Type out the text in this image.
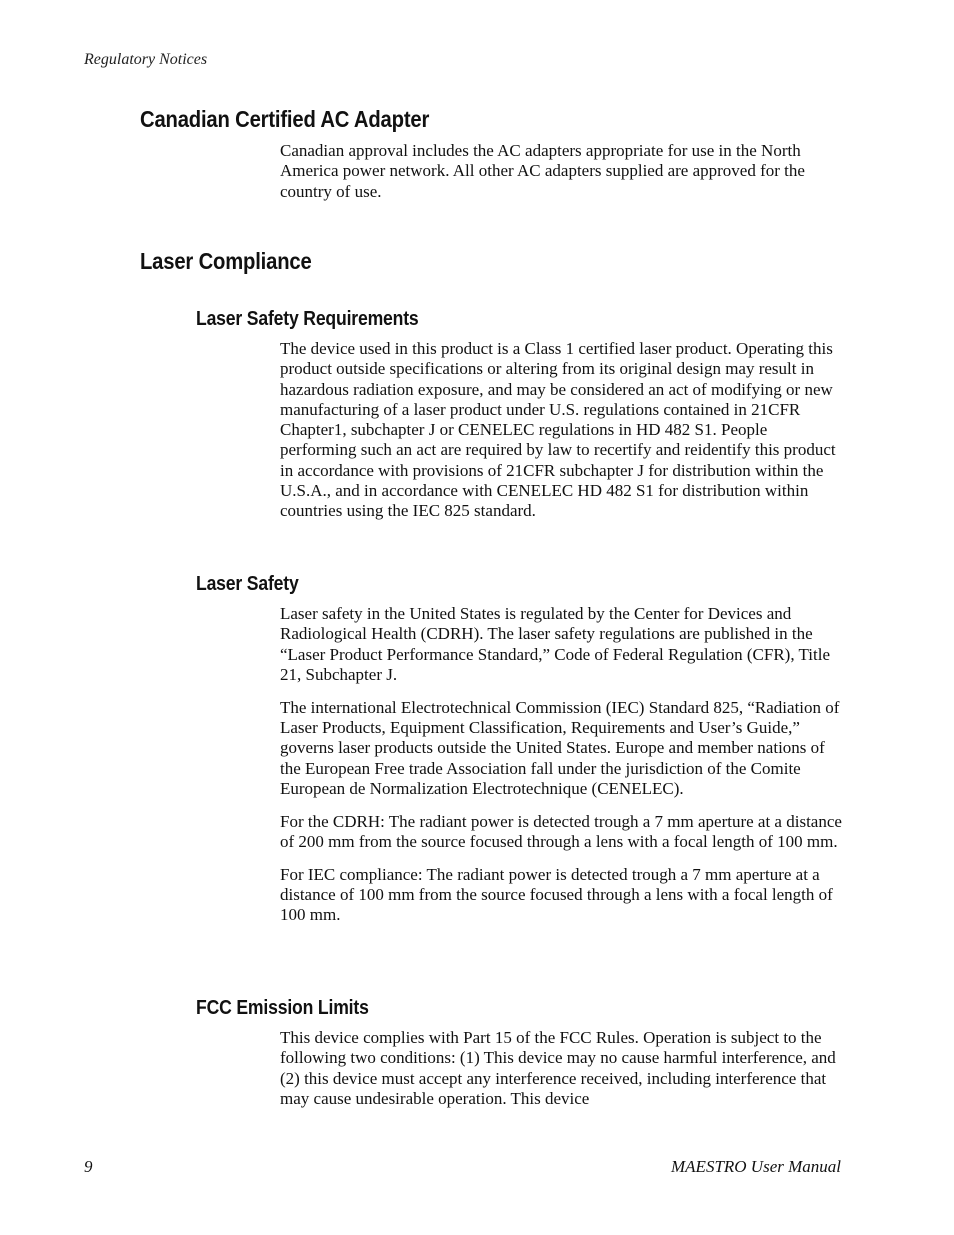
Regulatory Notices
Canadian Certified AC Adapter

Canadian approval includes the AC adapters appropriate for use in the North America power network. All other AC adapters supplied are approved for the country of use.

Laser Compliance
Laser Safety Requirements

The device used in this product is a Class 1 certified laser product. Operating this product outside specifications or altering from its original design may result in hazardous radiation exposure, and may be considered an act of modifying or new manufacturing of a laser product under U.S. regulations contained in 21CFR Chapter1, subchapter J or CENELEC regulations in HD 482 S1. People performing such an act are required by law to recertify and reidentify this product in accordance with provisions of 21CFR subchapter J for distribution within the U.S.A., and in accordance with CENELEC HD 482 S1 for distribution within countries using the IEC 825 standard.

Laser Safety

Laser safety in the United States is regulated by the Center for Devices and Radiological Health (CDRH). The laser safety regulations are published in the “Laser Product Performance Standard,” Code of Federal Regulation (CFR), Title 21, Subchapter J.

The international Electrotechnical Commission (IEC) Standard 825, “Radiation of Laser Products, Equipment Classification, Requirements and User’s Guide,” governs laser products outside the United States. Europe and member nations of the European Free trade Association fall under the jurisdiction of the Comite European de Normalization Electrotechnique (CENELEC).

For the CDRH: The radiant power is detected trough a 7 mm aperture at a distance of 200 mm from the source focused through a lens with a focal length of 100 mm.

For IEC compliance: The radiant power is detected trough a 7 mm aperture at a distance of 100 mm from the source focused through a lens with a focal length of 100 mm.

FCC Emission Limits

This device complies with Part 15 of the FCC Rules. Operation is subject to the following two conditions: (1) This device may no cause harmful interference, and (2) this device must accept any interference received, including interference that may cause undesirable operation. This device

9	MAESTRO User Manual
